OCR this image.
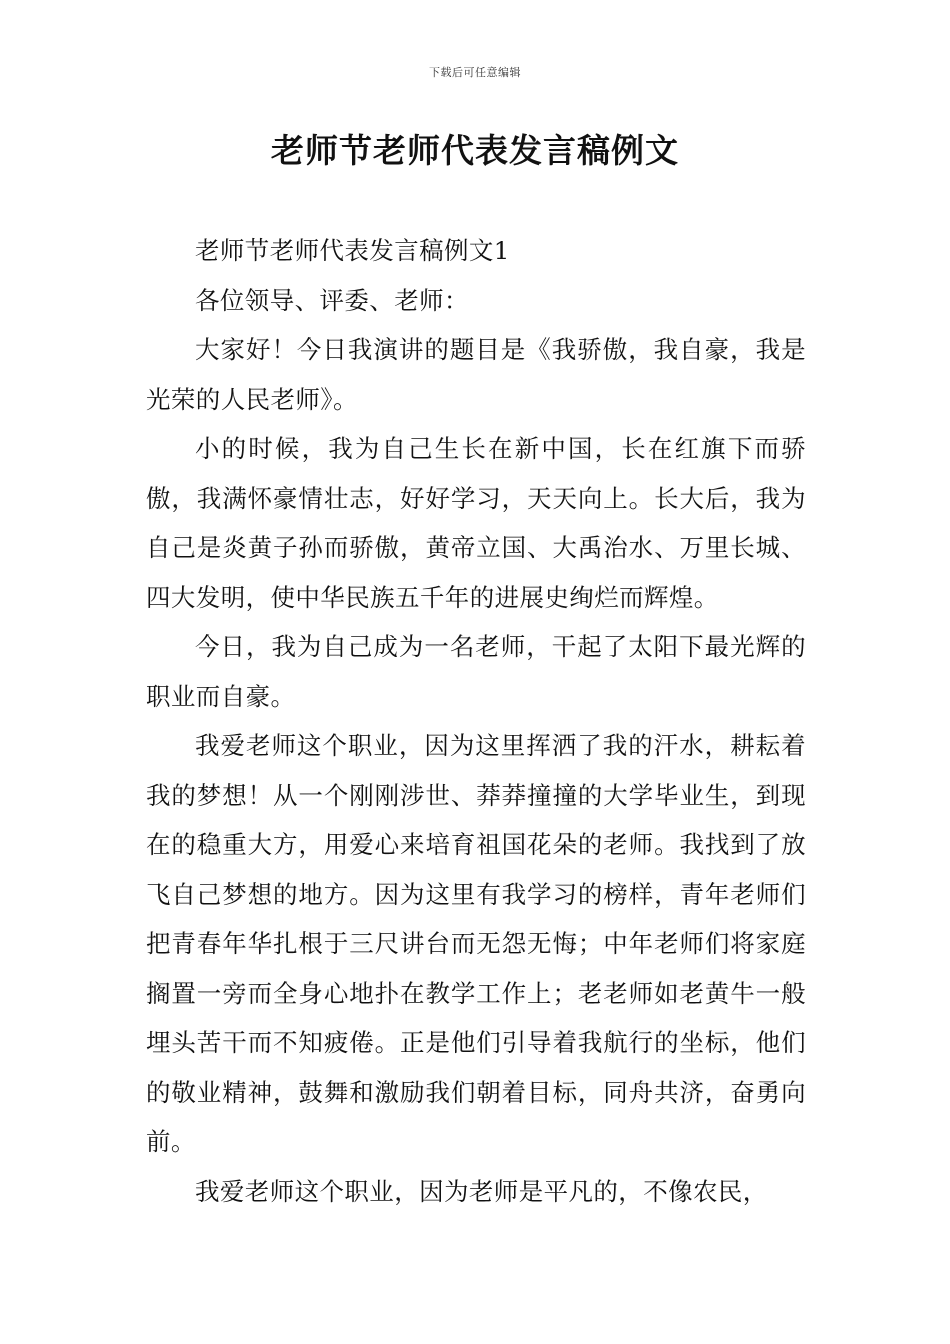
下载后可任意编辑
老师节老师代表发言稿例文

老师节老师代表发言稿例文1

各位领导、评委、老师：

大家好！今日我演讲的题目是《我骄傲，我自豪，我是光荣的人民老师》。

小的时候，我为自己生长在新中国，长在红旗下而骄傲，我满怀豪情壮志，好好学习，天天向上。长大后，我为自己是炎黄子孙而骄傲，黄帝立国、大禹治水、万里长城、四大发明，使中华民族五千年的进展史绚烂而辉煌。

今日，我为自己成为一名老师，干起了太阳下最光辉的职业而自豪。

我爱老师这个职业，因为这里挥洒了我的汗水，耕耘着我的梦想！从一个刚刚涉世、莽莽撞撞的大学毕业生，到现在的稳重大方，用爱心来培育祖国花朵的老师。我找到了放飞自己梦想的地方。因为这里有我学习的榜样，青年老师们把青春年华扎根于三尺讲台而无怨无悔；中年老师们将家庭搁置一旁而全身心地扑在教学工作上；老老师如老黄牛一般埋头苦干而不知疲倦。正是他们引导着我航行的坐标，他们的敬业精神，鼓舞和激励我们朝着目标，同舟共济，奋勇向前。

我爱老师这个职业，因为老师是平凡的，不像农民，
